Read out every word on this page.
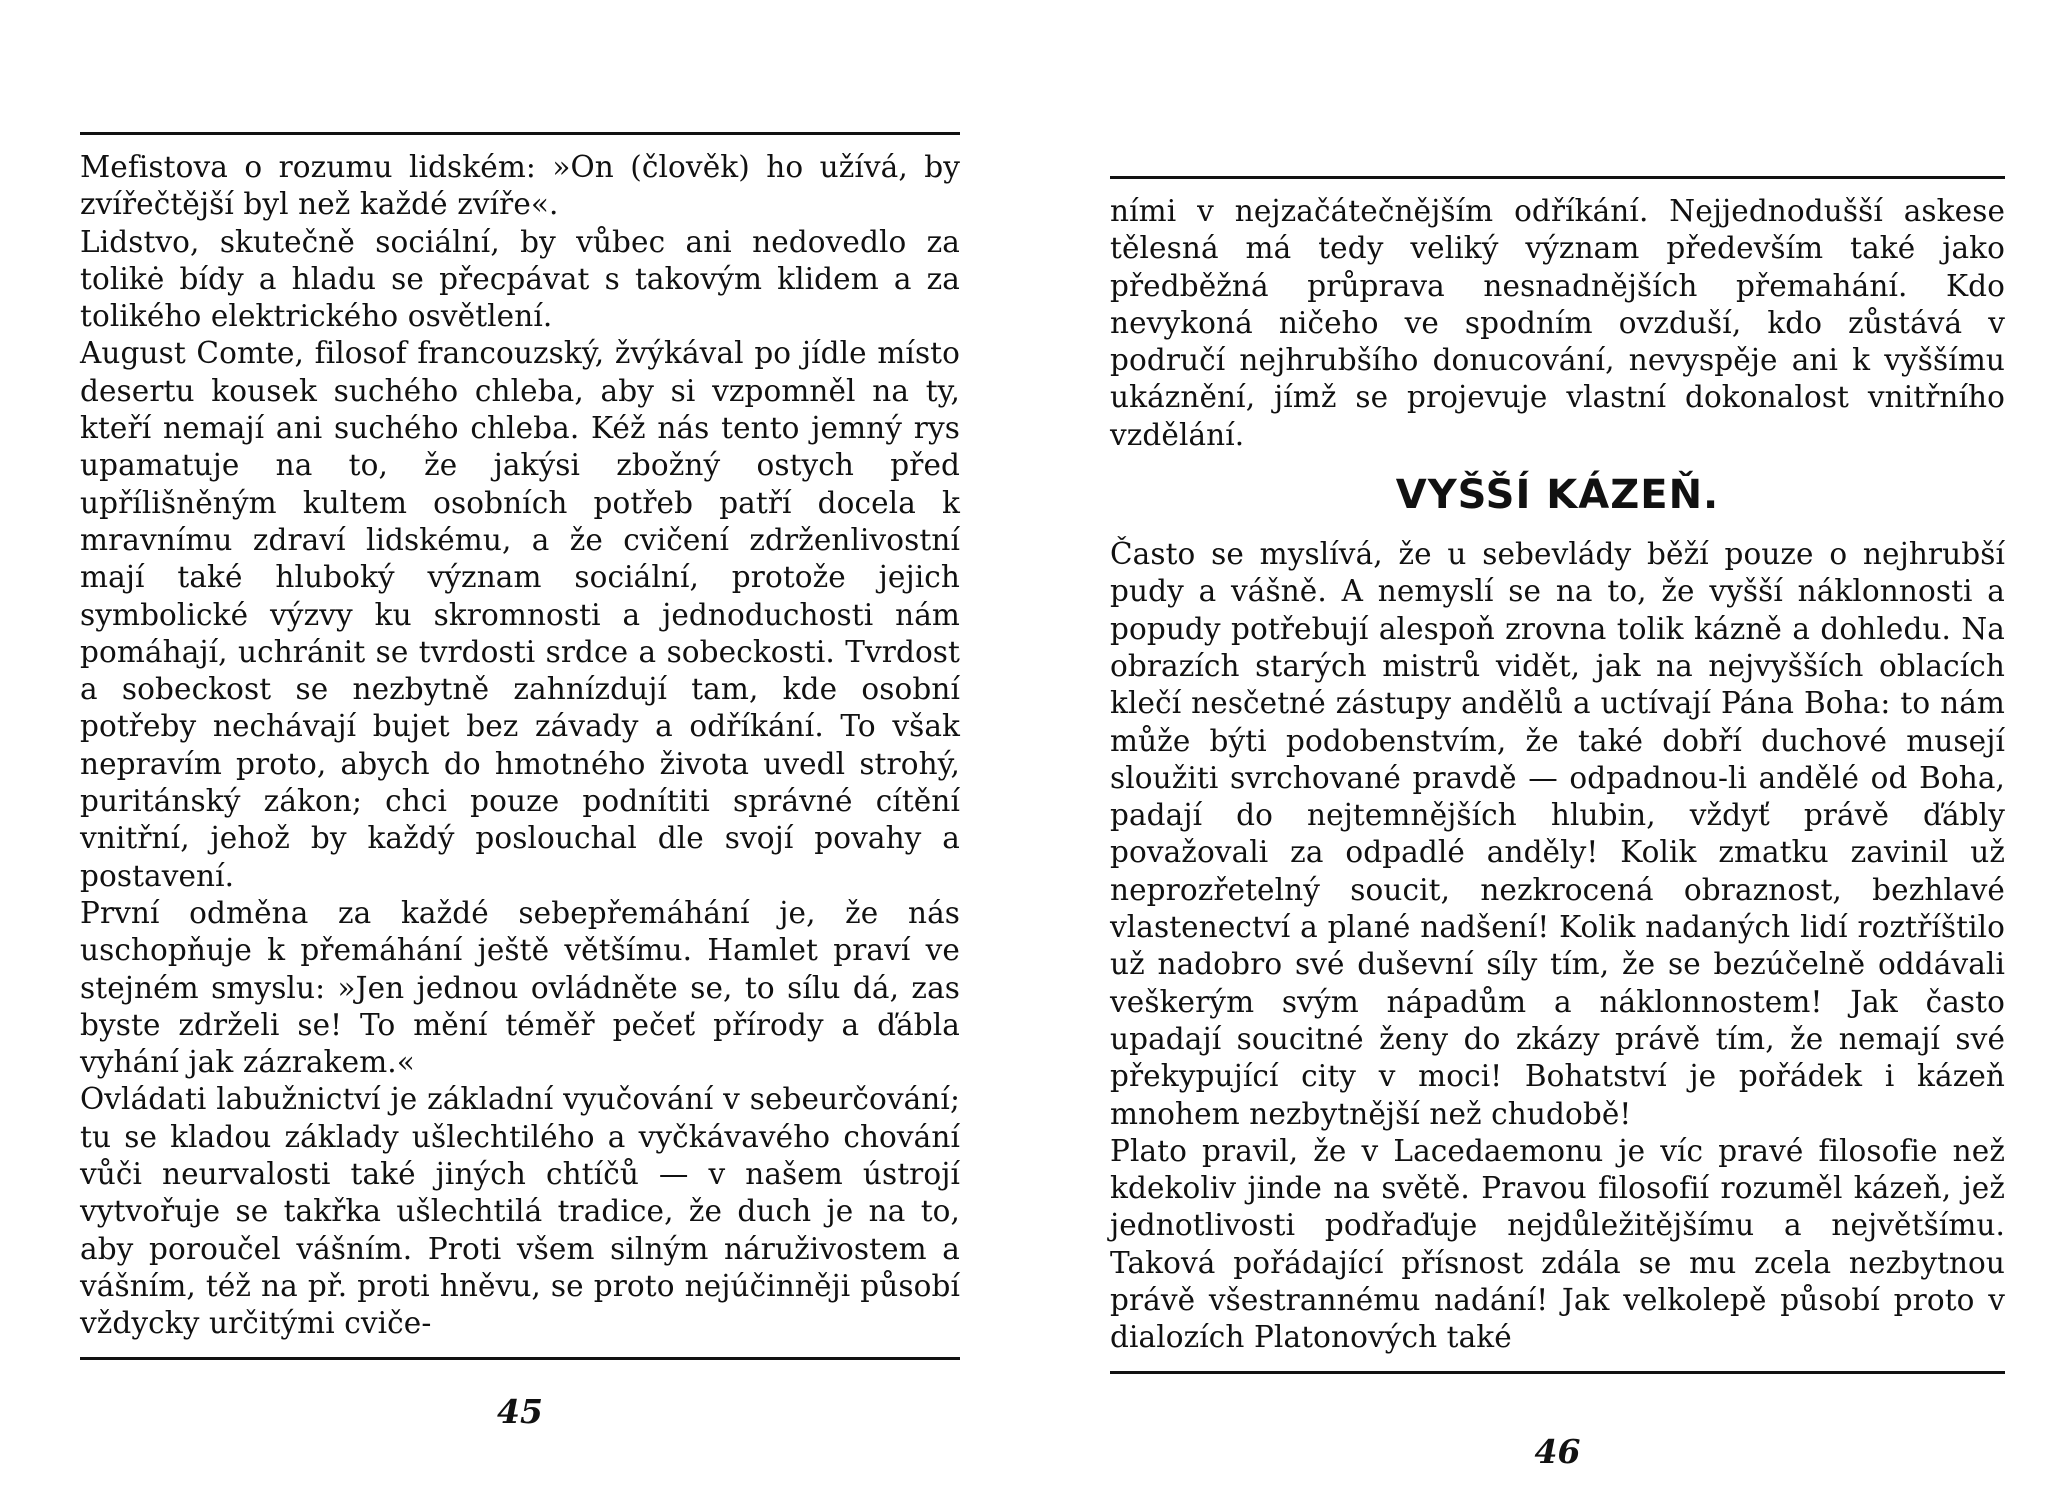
Mefistova o rozumu lidském: »On (člověk) ho užívá, by zvířečtější byl než každé zvíře«.

Lidstvo, skutečně sociální, by vůbec ani nedovedlo za tolikė bídy a hladu se přecpávat s takovým klidem a za tolikého elektrického osvětlení.

August Comte, filosof francouzský, žvýkával po jídle místo desertu kousek suchého chleba, aby si vzpomněl na ty, kteří nemají ani suchého chleba. Kéž nás tento jemný rys upamatuje na to, že jakýsi zbožný ostych před upřílišněným kultem osobních potřeb patří docela k mravnímu zdraví lidskému, a že cvičení zdrženlivostní mají také hluboký význam sociální, protože jejich symbolické výzvy ku skromnosti a jednoduchosti nám pomáhají, uchránit se tvrdosti srdce a sobeckosti. Tvrdost a sobeckost se nezbytně zahnízdují tam, kde osobní potřeby nechávají bujet bez závady a odříkání. To však nepravím proto, abych do hmotného života uvedl strohý, puritánský zákon; chci pouze podnítiti správné cítění vnitřní, jehož by každý poslouchal dle svojí povahy a postavení.

První odměna za každé sebepřemáhání je, že nás uschopňuje k přemáhání ještě většímu. Hamlet praví ve stejném smyslu: »Jen jednou ovládněte se, to sílu dá, zas byste zdrželi se! To mění téměř pečeť přírody a ďábla vyhání jak zázrakem.«

Ovládati labužnictví je základní vyučování v sebeurčování; tu se kladou základy ušlechtilého a vyčkávavého chování vůči neurvalosti také jiných chtíčů — v našem ústrojí vytvořuje se takřka ušlechtilá tradice, že duch je na to, aby poroučel vášním. Proti všem silným náruživostem a vášním, též na př. proti hněvu, se proto nejúčinněji působí vždycky určitými cviče-

45

ními v nejzačátečnějším odříkání. Nejjednodušší askese tělesná má tedy veliký význam především také jako předběžná průprava nesnadnějších přemahání. Kdo nevykoná ničeho ve spodním ovzduší, kdo zůstává v područí nejhrubšího donucování, nevyspěje ani k vyššímu ukáznění, jímž se projevuje vlastní dokonalost vnitřního vzdělání.

VYŠŠÍ KÁZEŇ.

Často se myslívá, že u sebevlády běží pouze o nejhrubší pudy a vášně. A nemyslí se na to, že vyšší náklonnosti a popudy potřebují alespoň zrovna tolik kázně a dohledu. Na obrazích starých mistrů vidět, jak na nejvyšších oblacích klečí nesčetné zástupy andělů a uctívají Pána Boha: to nám může býti podobenstvím, že také dobří duchové musejí sloužiti svrchované pravdě — odpadnou-li andělé od Boha, padají do nejtemnějších hlubin, vždyť právě ďábly považovali za odpadlé anděly! Kolik zmatku zavinil už neprozřetelný soucit, nezkrocená obraznost, bezhlavé vlastenectví a plané nadšení! Kolik nadaných lidí roztříštilo už nadobro své duševní síly tím, že se bezúčelně oddávali veškerým svým nápadům a náklonnostem! Jak často upadají soucitné ženy do zkázy právě tím, že nemají své překypující city v moci! Bohatství je pořádek i kázeň mnohem nezbytnější než chudobě!

Plato pravil, že v Lacedaemonu je víc pravé filosofie než kdekoliv jinde na světě. Pravou filosofií rozuměl kázeň, jež jednotlivosti podřaďuje nejdůležitějšímu a největšímu. Taková pořádající přísnost zdála se mu zcela nezbytnou právě všestrannému nadání! Jak velkolepě působí proto v dialozích Platonových také

46
